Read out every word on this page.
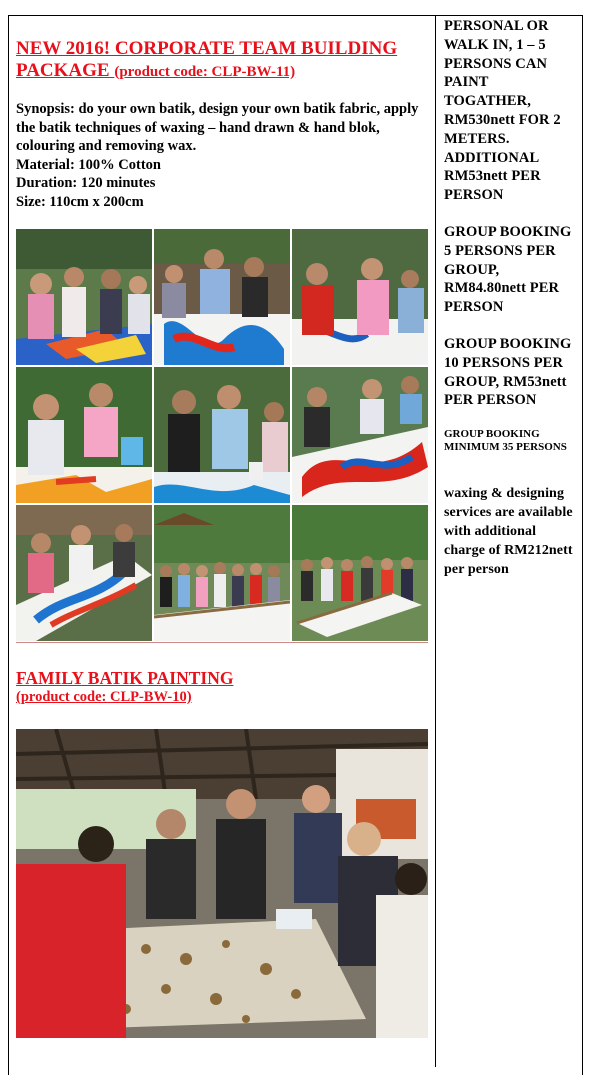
NEW 2016! CORPORATE TEAM BUILDING PACKAGE (product code: CLP-BW-11)

Synopsis: do your own batik, design your own batik fabric, apply the batik techniques of waxing – hand drawn & hand blok, colouring and removing wax.

Material: 100% Cotton

Duration: 120 minutes

Size: 110cm x 200cm

FAMILY BATIK PAINTING

(product code: CLP-BW-10)

PERSONAL OR WALK IN, 1 – 5 PERSONS CAN PAINT TOGATHER, RM530nett FOR 2 METERS. ADDITIONAL RM53nett PER PERSON

GROUP BOOKING 5 PERSONS PER GROUP, RM84.80nett PER PERSON

GROUP BOOKING 10 PERSONS PER GROUP, RM53nett PER PERSON

GROUP BOOKING MINIMUM 35 PERSONS

waxing & designing services are available with additional charge of RM212nett per person
